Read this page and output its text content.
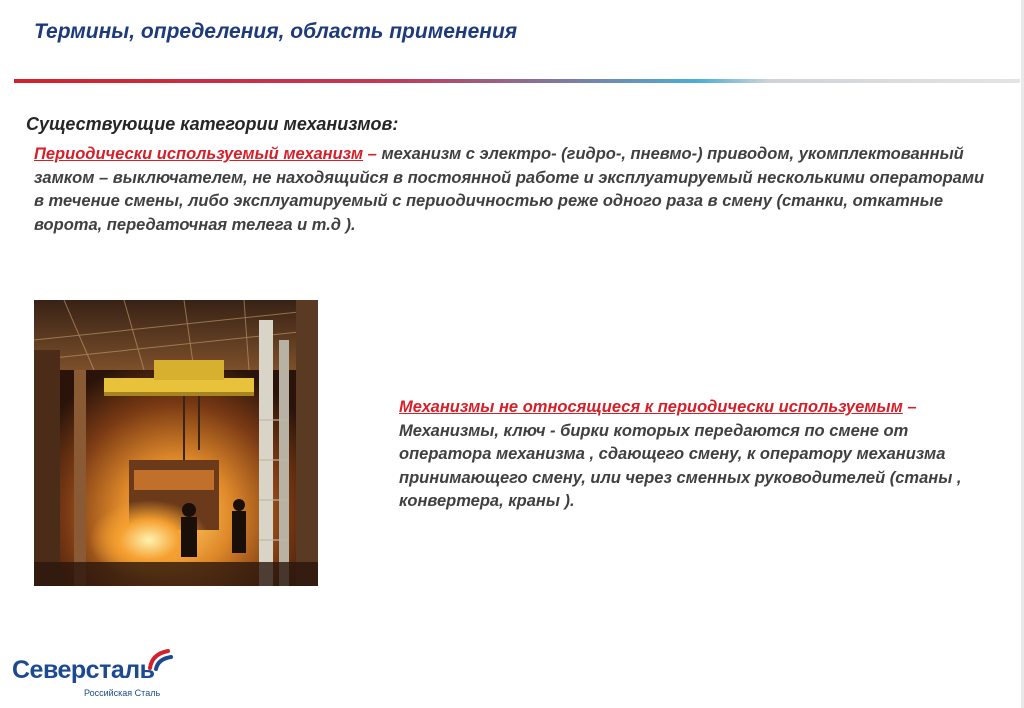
Термины, определения, область применения
Существующие категории механизмов:
Периодически используемый механизм – механизм с электро- (гидро-, пневмо-) приводом, укомплектованный замком – выключателем, не находящийся в постоянной работе и эксплуатируемый несколькими операторами в течение смены, либо эксплуатируемый с периодичностью реже одного раза в смену (станки, откатные ворота, передаточная телега и т.д ).
Механизмы не относящиеся к периодически используемым –
Механизмы, ключ - бирки которых передаются по смене от оператора механизма , сдающего смену, к оператору механизма принимающего смену, или через сменных руководителей (станы , конвертера, краны ).
Северсталь
Российская Сталь
